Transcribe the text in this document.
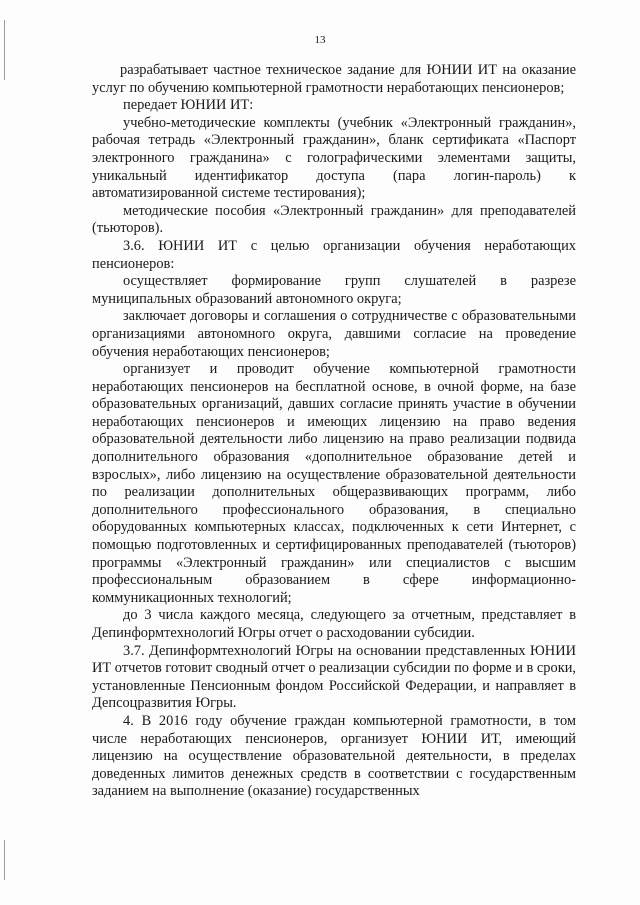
13

разрабатывает частное техническое задание для ЮНИИ ИТ на оказание услуг по обучению компьютерной грамотности неработающих пенсионеров;

передает ЮНИИ ИТ:

учебно-методические комплекты (учебник «Электронный гражданин», рабочая тетрадь «Электронный гражданин», бланк сертификата «Паспорт электронного гражданина» с голографическими элементами защиты, уникальный идентификатор доступа (пара логин-пароль) к автоматизированной системе тестирования);

методические пособия «Электронный гражданин» для преподавателей (тьюторов).

3.6. ЮНИИ ИТ с целью организации обучения неработающих пенсионеров:

осуществляет формирование групп слушателей в разрезе муниципальных образований автономного округа;

заключает договоры и соглашения о сотрудничестве с образовательными организациями автономного округа, давшими согласие на проведение обучения неработающих пенсионеров;

организует и проводит обучение компьютерной грамотности неработающих пенсионеров на бесплатной основе, в очной форме, на базе образовательных организаций, давших согласие принять участие в обучении неработающих пенсионеров и имеющих лицензию на право ведения образовательной деятельности либо лицензию на право реализации подвида дополнительного образования «дополнительное образование детей и взрослых», либо лицензию на осуществление образовательной деятельности по реализации дополнительных общеразвивающих программ, либо дополнительного профессионального образования, в специально оборудованных компьютерных классах, подключенных к сети Интернет, с помощью подготовленных и сертифицированных преподавателей (тьюторов) программы «Электронный гражданин» или специалистов с высшим профессиональным образованием в сфере информационно-коммуникационных технологий;

до 3 числа каждого месяца, следующего за отчетным, представляет в Депинформтехнологий Югры отчет о расходовании субсидии.

3.7. Депинформтехнологий Югры на основании представленных ЮНИИ ИТ отчетов готовит сводный отчет о реализации субсидии по форме и в сроки, установленные Пенсионным фондом Российской Федерации, и направляет в Депсоцразвития Югры.

4. В 2016 году обучение граждан компьютерной грамотности, в том числе неработающих пенсионеров, организует ЮНИИ ИТ, имеющий лицензию на осуществление образовательной деятельности, в пределах доведенных лимитов денежных средств в соответствии с государственным заданием на выполнение (оказание) государственных
